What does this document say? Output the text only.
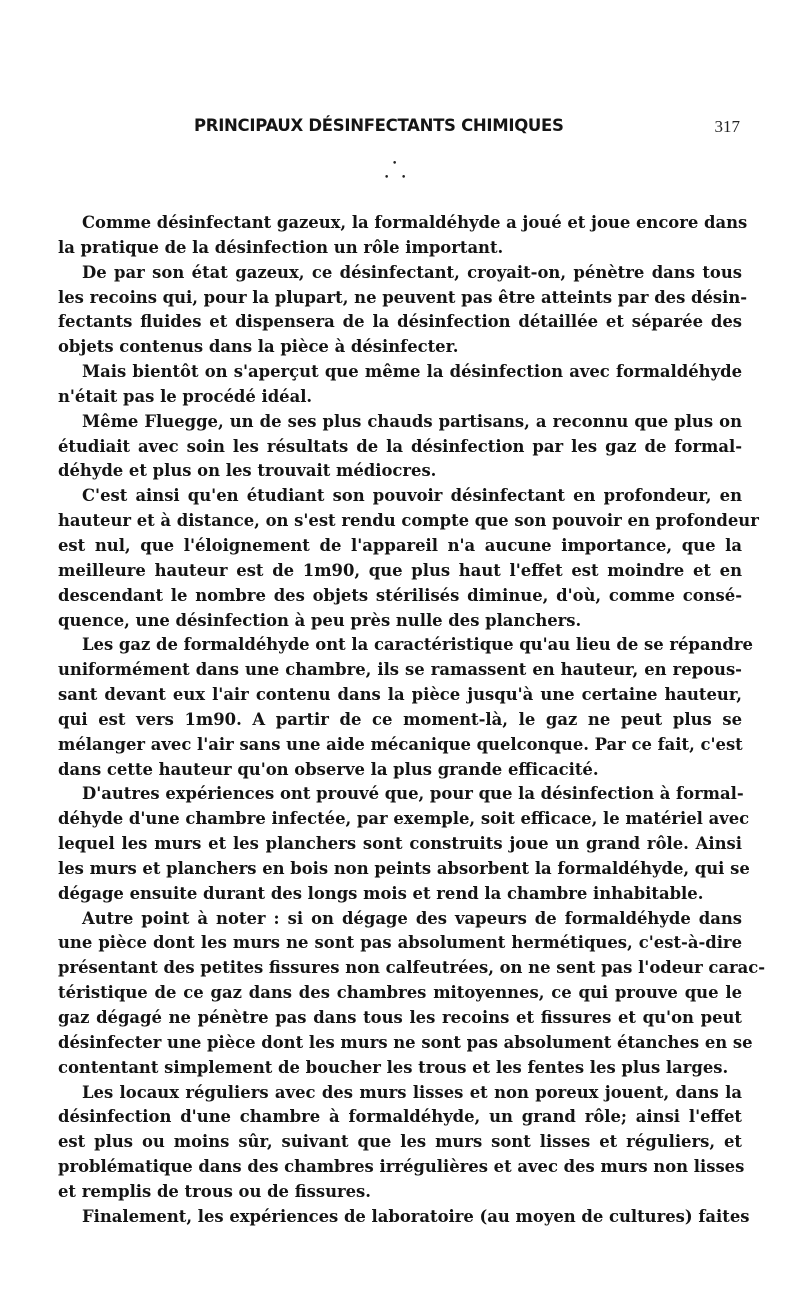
PRINCIPAUX DÉSINFECTANTS CHIMIQUES	317
•
• •
Comme désinfectant gazeux, la formaldéhyde a joué et joue encore dans
la pratique de la désinfection un rôle important.
De par son état gazeux, ce désinfectant, croyait-on, pénètre dans tous
les recoins qui, pour la plupart, ne peuvent pas être atteints par des désin-
fectants fluides et dispensera de la désinfection détaillée et séparée des
objets contenus dans la pièce à désinfecter.
Mais bientôt on s'aperçut que même la désinfection avec formaldéhyde
n'était pas le procédé idéal.
Même Fluegge, un de ses plus chauds partisans, a reconnu que plus on
étudiait avec soin les résultats de la désinfection par les gaz de formal-
déhyde et plus on les trouvait médiocres.
C'est ainsi qu'en étudiant son pouvoir désinfectant en profondeur, en
hauteur et à distance, on s'est rendu compte que son pouvoir en profondeur
est nul, que l'éloignement de l'appareil n'a aucune importance, que la
meilleure hauteur est de 1m90, que plus haut l'effet est moindre et en
descendant le nombre des objets stérilisés diminue, d'où, comme consé-
quence, une désinfection à peu près nulle des planchers.
Les gaz de formaldéhyde ont la caractéristique qu'au lieu de se répandre
uniformément dans une chambre, ils se ramassent en hauteur, en repous-
sant devant eux l'air contenu dans la pièce jusqu'à une certaine hauteur,
qui est vers 1m90. A partir de ce moment-là, le gaz ne peut plus se
mélanger avec l'air sans une aide mécanique quelconque. Par ce fait, c'est
dans cette hauteur qu'on observe la plus grande efficacité.
D'autres expériences ont prouvé que, pour que la désinfection à formal-
déhyde d'une chambre infectée, par exemple, soit efficace, le matériel avec
lequel les murs et les planchers sont construits joue un grand rôle. Ainsi
les murs et planchers en bois non peints absorbent la formaldéhyde, qui se
dégage ensuite durant des longs mois et rend la chambre inhabitable.
Autre point à noter : si on dégage des vapeurs de formaldéhyde dans
une pièce dont les murs ne sont pas absolument hermétiques, c'est-à-dire
présentant des petites fissures non calfeutrées, on ne sent pas l'odeur carac-
téristique de ce gaz dans des chambres mitoyennes, ce qui prouve que le
gaz dégagé ne pénètre pas dans tous les recoins et fissures et qu'on peut
désinfecter une pièce dont les murs ne sont pas absolument étanches en se
contentant simplement de boucher les trous et les fentes les plus larges.
Les locaux réguliers avec des murs lisses et non poreux jouent, dans la
désinfection d'une chambre à formaldéhyde, un grand rôle; ainsi l'effet
est plus ou moins sûr, suivant que les murs sont lisses et réguliers, et
problématique dans des chambres irrégulières et avec des murs non lisses
et remplis de trous ou de fissures.
Finalement, les expériences de laboratoire (au moyen de cultures) faites
